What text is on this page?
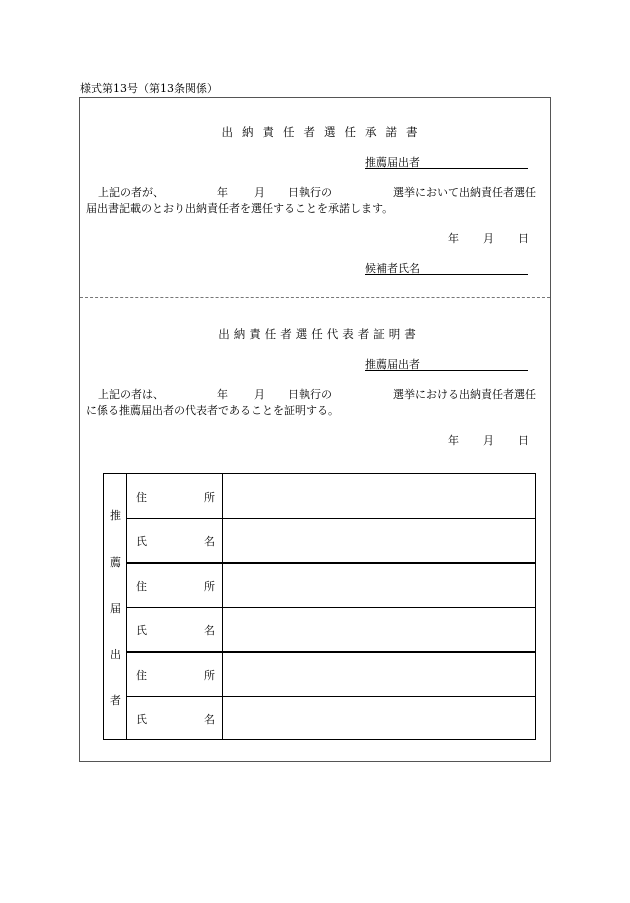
様式第13号（第13条関係）
出納責任者選任承諾書
推薦届出者
上記の者が、	年 月 日執行の	選挙において出納責任者選任
届出書記載のとおり出納責任者を選任することを承諾します。
年 月 日
候補者氏名
出納責任者選任代表者証明書
推薦届出者
上記の者は、	年 月 日執行の	選挙における出納責任者選任
に係る推薦届出者の代表者であることを証明する。
年 月 日
推
薦
届
出
者
住	所
氏	名
住	所
氏	名
住	所
氏	名
